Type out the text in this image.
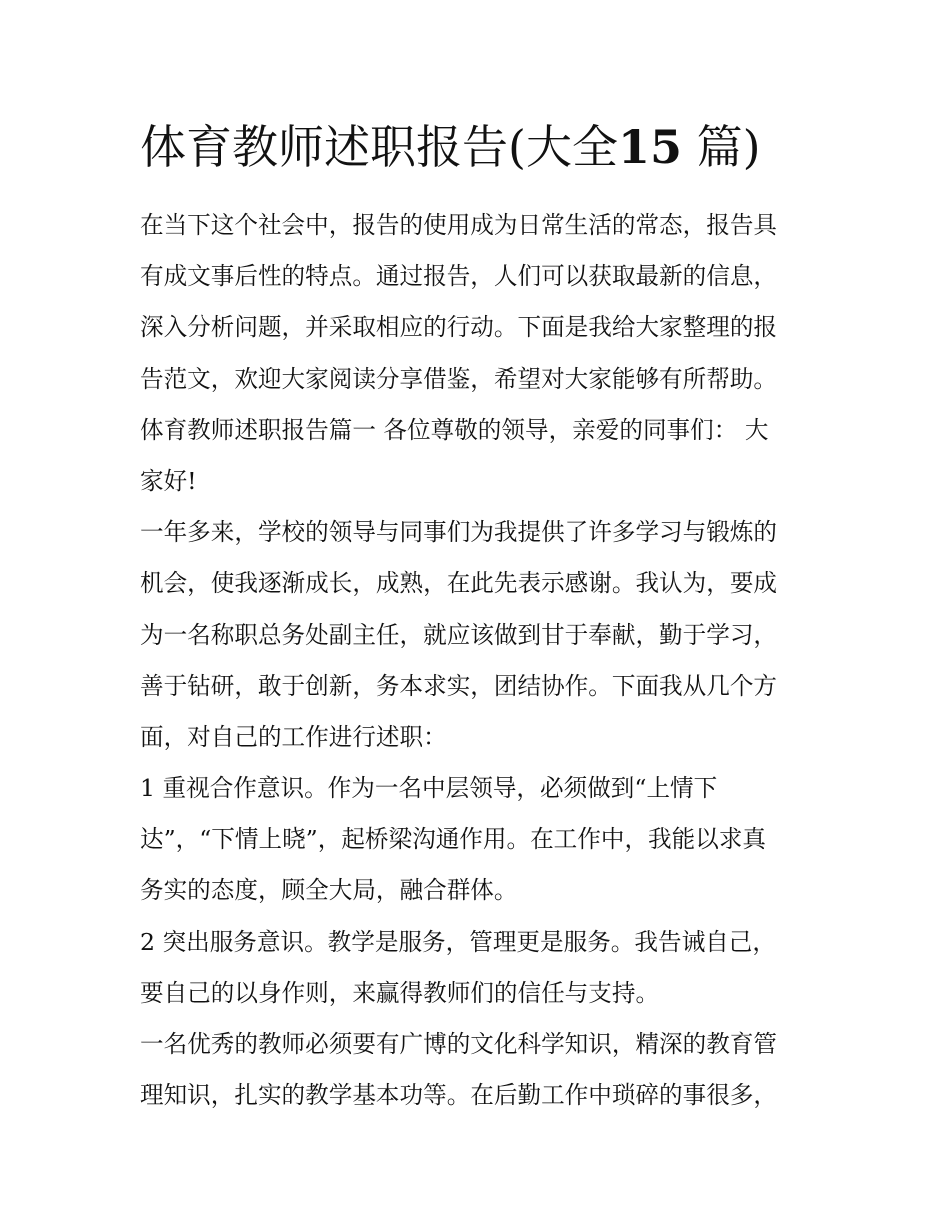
体育教师述职报告(大全15 篇)
在当下这个社会中，报告的使用成为日常生活的常态，报告具
有成文事后性的特点。通过报告，人们可以获取最新的信息，
深入分析问题，并采取相应的行动。下面是我给大家整理的报
告范文，欢迎大家阅读分享借鉴，希望对大家能够有所帮助。
体育教师述职报告篇一 各位尊敬的领导，亲爱的同事们： 大
家好!
一年多来，学校的领导与同事们为我提供了许多学习与锻炼的
机会，使我逐渐成长，成熟，在此先表示感谢。我认为，要成
为一名称职总务处副主任，就应该做到甘于奉献，勤于学习，
善于钻研，敢于创新，务本求实，团结协作。下面我从几个方
面，对自己的工作进行述职：
1 重视合作意识。作为一名中层领导，必须做到“上情下
达”，“下情上晓”，起桥梁沟通作用。在工作中，我能以求真
务实的态度，顾全大局，融合群体。
2 突出服务意识。教学是服务，管理更是服务。我告诫自己，
要自己的以身作则，来赢得教师们的信任与支持。
一名优秀的教师必须要有广博的文化科学知识，精深的教育管
理知识，扎实的教学基本功等。在后勤工作中琐碎的事很多，
